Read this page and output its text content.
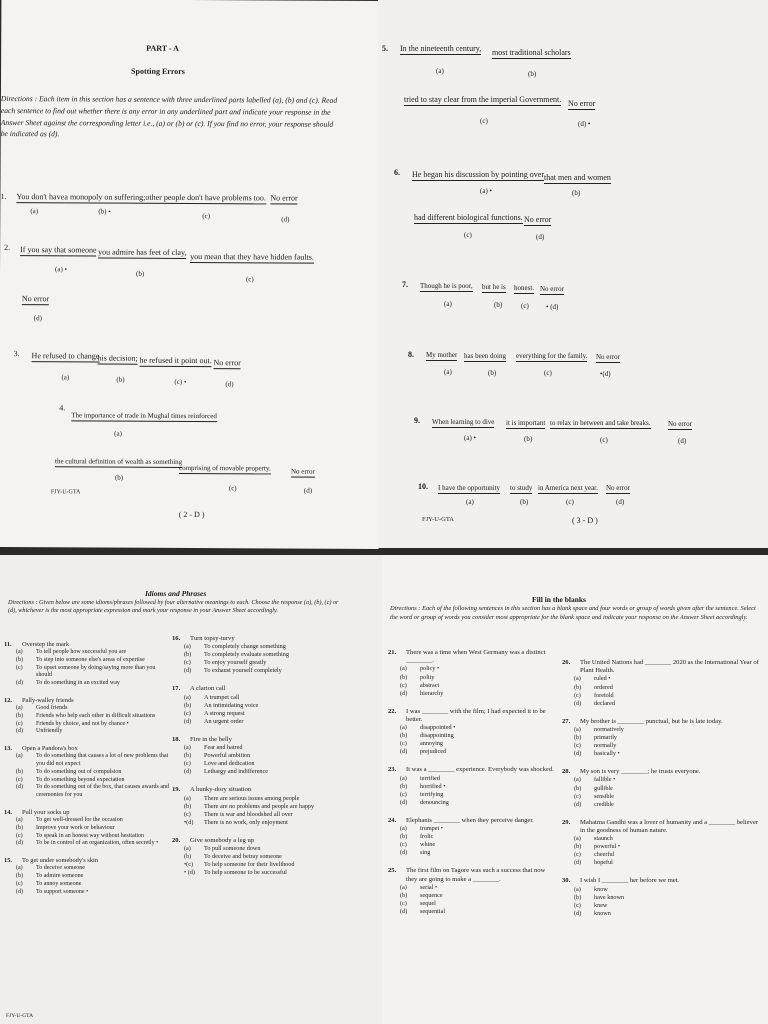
PART - A
Spotting Errors
Directions : Each item in this section has a sentence with three underlined parts labelled (a), (b) and (c). Read each sentence to find out whether there is any error in any underlined part and indicate your response in the Answer Sheet against the corresponding letter i.e., (a) or (b) or (c). If you find no error, your response should be indicated as (d).
1. You don't have a monopoly on suffering; other people don't have problems too. No error
(a)	(b) •
(c)	(d)
2. If you say that someone you admire has feet of clay, you mean that they have hidden faults.
(a) •
(b)
(c)
No error
(d)
3. He refused to change
his decision; he refused it point out. No error
(a)	(b)	(c) •	(d)
4.
The importance of trade in Mughal times reinforced
(a)
the cultural definition of wealth as something
comprising of movable property.	No error
(b)
(c)	(d)
FJY-U-GTA
( 2 - D )
5. In the nineteenth century, most traditional scholars
(a)	(b)
tried to stay clear from the imperial Government. No error
(c)	(d) •
6. He began his discussion by pointing over that men and women
(a) •	(b)
had different biological functions. No error
(c)	(d)
7. Though he is poor, but he is honest. No error
(a)	(b)	(c) • (d)
8. My mother has been doing everything for the family. No error
(a)	(b)	(c)	•(d)
9. When learning to dive it is important to relax in between and take breaks.	No error
(a) •	(b)	(c)	(d)
10. I have the opportunity to study in America next year. No error
(a)	(b)	(c)	(d)
FJY-U-GTA	( 3 - D )
Idioms and Phrases
Directions : Given below are some idioms/phrases followed by four alternative meanings to each. Choose the response (a), (b), (c) or (d), whichever is the most appropriate expression and mark your response in your Answer Sheet accordingly.
11.	Overstep the mark
(a)	To tell people how successful you are
(b)	To step into someone else's areas of expertise
(c)	To upset someone by doing/saying more than you should
(d)	To do something in an excited way
12.	Pally-walley friends
(a)	Good friends
(b)	Friends who help each other in difficult situations
(c)	Friends by choice, and not by chance •
(d)	Unfriendly
13.	Open a Pandora's box
(a)	To do something that causes a lot of new problems that you did not expect
(b)	To do something out of compulsion
(c)	To do something beyond expectation
(d)	To do something out of the box, that causes awards and ceremonies for you
14.	Pull your socks up
(a)	To get well-dressed for the occasion
(b)	Improve your work or behaviour
(c)	To speak in an honest way without hesitation
(d)	To be in control of an organization, often secretly •
15.	To get under somebody's skin
(a)	To deceive someone
(b)	To admire someone
(c)	To annoy someone
(d)	To support someone •
16.	Turn topsy-turvy
(a)	To completely change something
(b)	To completely evaluate something
(c)	To enjoy yourself greatly
(d)	To exhaust yourself completely
17.	A clarion call
(a)	A trumpet call
(b)	An intimidating voice
(c)	A strong request
(d)	An urgent order
18.	Fire in the belly
(a)	Fear and hatred
(b)	Powerful ambition
(c)	Love and dedication
(d)	Lethargy and indifference
19.	A hunky-dory situation
(a)	There are serious issues among people
(b)	There are no problems and people are happy
(c)	There is war and bloodshed all over
•(d)	There is no work, only enjoyment
20.	Give somebody a leg up
(a)	To pull someone down
(b)	To deceive and betray someone
•(c)	To help someone for their livelihood
• (d)	To help someone to be successful
FJY-U-GTA
Fill in the blanks
Directions : Each of the following sentences in this section has a blank space and four words or group of words given after the sentence. Select the word or group of words you consider most appropriate for the blank space and indicate your response on the Answer Sheet accordingly.
21.	There was a time when West Germany was a distinct ________.
(a)	policy •
(b)	polity
(c)	abstract
(d)	hierarchy
22.	I was ________ with the film; I had expected it to be better.
(a)	disappointed •
(b)	disappointing
(c)	annoying
(d)	prejudiced
23.	It was a ________ experience. Everybody was shocked.
(a)	terrified
(b)	horrified •
(c)	terrifying
(d)	denouncing
24.	Elephants ________ when they perceive danger.
(a)	trumpet •
(b)	frolic
(c)	whine
(d)	sing
25.	The first film on Tagore was such a success that now they are going to make a ________.
(a)	serial •
(b)	sequence
(c)	sequel
(d)	sequential
26.	The United Nations had ________ 2020 as the International Year of Plant Health.
(a)	ruled •
(b)	ordered
(c)	foretold
(d)	declared
27.	My brother is ________ punctual, but he is late today.
(a)	normatively
(b)	primarily
(c)	normally
(d)	basically •
28.	My son is very ________; he trusts everyone.
(a)	fallible •
(b)	gullible
(c)	sensible
(d)	credible
29.	Mahatma Gandhi was a lover of humanity and a ________ believer in the goodness of human nature.
(a)	staunch
(b)	powerful •
(c)	cheerful
(d)	hopeful
30.	I wish I ________ her before we met.
(a)	know
(b)	have known
(c)	knew
(d)	known
